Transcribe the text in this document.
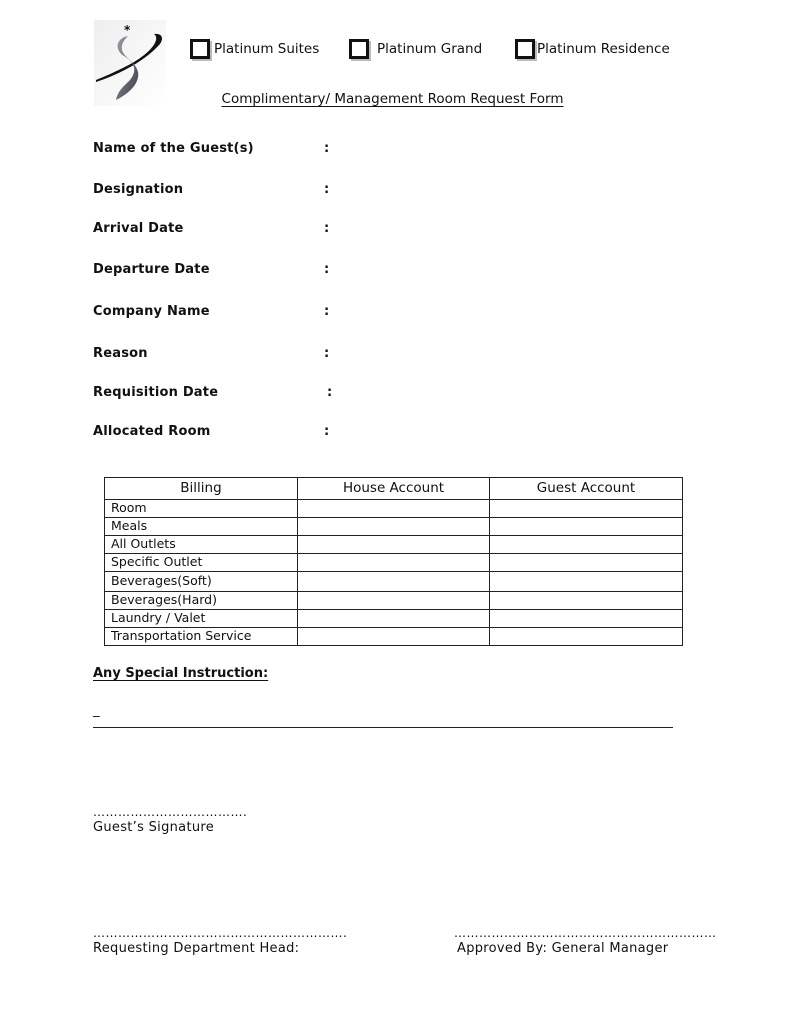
*
Platinum Suites	Platinum Grand	Platinum Residence
Complimentary/ Management Room Request Form
Name of the Guest(s)	:
Designation	:
Arrival Date	:
Departure Date	:
Company Name	:
Reason	:
Requisition Date	:
Allocated Room	:
Billing	House Account	Guest Account
Room		
Meals		
All Outlets		
Specific Outlet		
Beverages(Soft)		
Beverages(Hard)		
Laundry / Valet		
Transportation Service		
Any Special Instruction:
_
……………………………….
Guest’s Signature
…………………………………………………….
Requesting Department Head:
………………………………………………………
Approved By: General Manager
